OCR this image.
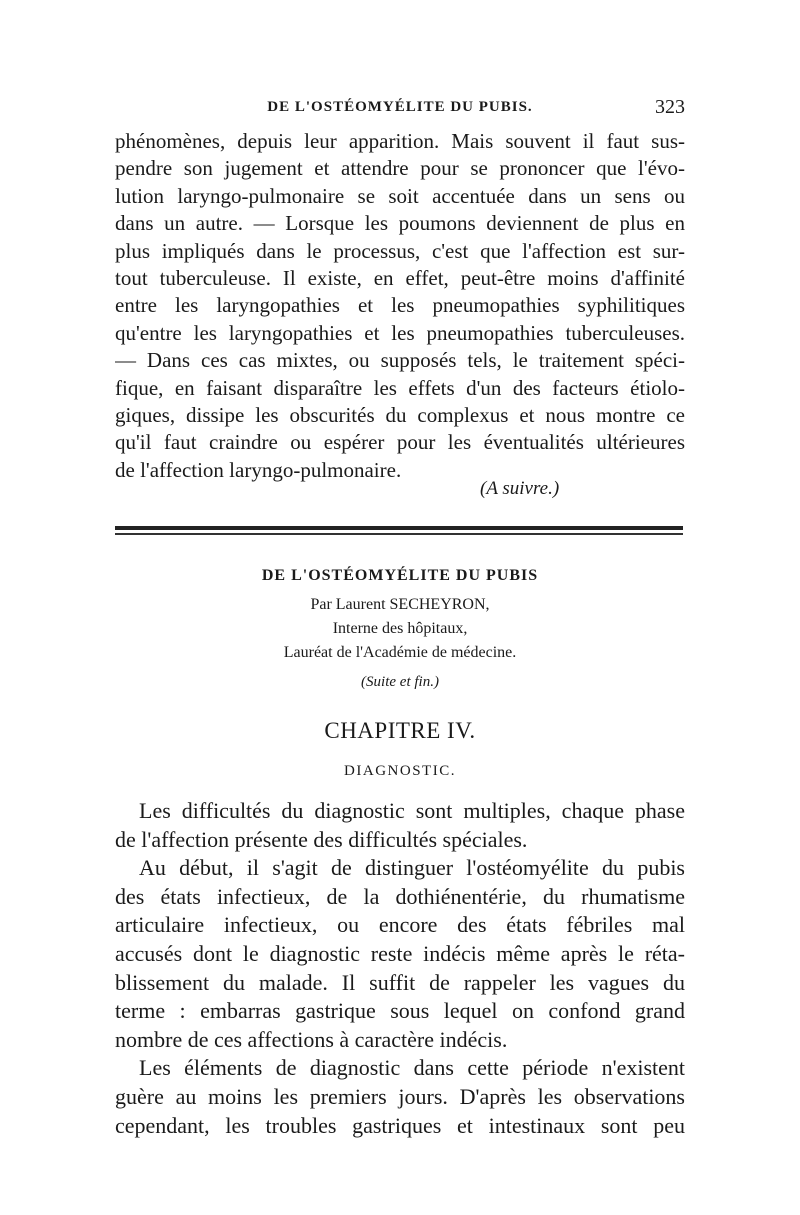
DE L'OSTÉOMYÉLITE DU PUBIS.	323
phénomènes, depuis leur apparition. Mais souvent il faut sus-
pendre son jugement et attendre pour se prononcer que l'évo-
lution laryngo-pulmonaire se soit accentuée dans un sens ou
dans un autre. — Lorsque les poumons deviennent de plus en
plus impliqués dans le processus, c'est que l'affection est sur-
tout tuberculeuse. Il existe, en effet, peut-être moins d'affinité
entre les laryngopathies et les pneumopathies syphilitiques
qu'entre les laryngopathies et les pneumopathies tuberculeuses.
— Dans ces cas mixtes, ou supposés tels, le traitement spéci-
fique, en faisant disparaître les effets d'un des facteurs étiolo-
giques, dissipe les obscurités du complexus et nous montre ce
qu'il faut craindre ou espérer pour les éventualités ultérieures
de l'affection laryngo-pulmonaire.
(A suivre.)
DE L'OSTÉOMYÉLITE DU PUBIS
Par Laurent SECHEYRON,
Interne des hôpitaux,
Lauréat de l'Académie de médecine.
(Suite et fin.)
CHAPITRE IV.
DIAGNOSTIC.
Les difficultés du diagnostic sont multiples, chaque phase
de l'affection présente des difficultés spéciales.
Au début, il s'agit de distinguer l'ostéomyélite du pubis
des états infectieux, de la dothiénentérie, du rhumatisme
articulaire infectieux, ou encore des états fébriles mal
accusés dont le diagnostic reste indécis même après le réta-
blissement du malade. Il suffit de rappeler les vagues du
terme : embarras gastrique sous lequel on confond grand
nombre de ces affections à caractère indécis.
Les éléments de diagnostic dans cette période n'existent
guère au moins les premiers jours. D'après les observations
cependant, les troubles gastriques et intestinaux sont peu
